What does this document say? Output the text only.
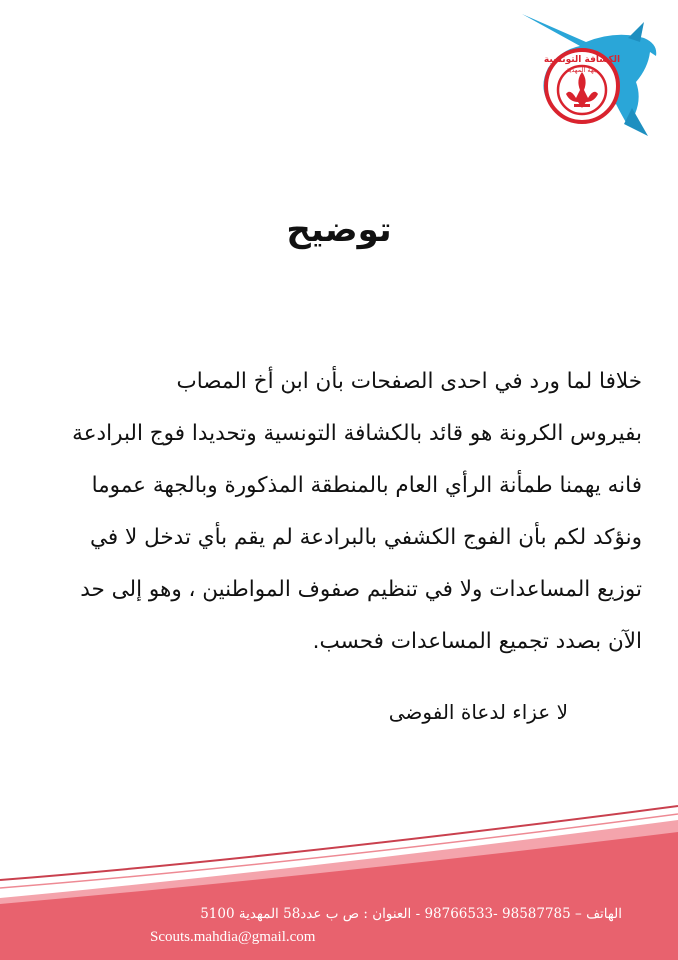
الكشافة التونسية
جهة المهدية
توضيح
خلافا لما ورد في احدى الصفحات بأن ابن أخ المصاب
بفيروس الكرونة هو قائد بالكشافة التونسية وتحديدا فوج البرادعة
فانه يهمنا طمأنة الرأي العام بالمنطقة المذكورة وبالجهة عموما
ونؤكد لكم بأن الفوج الكشفي بالبرادعة لم يقم بأي تدخل لا في
توزيع المساعدات ولا في تنظيم صفوف المواطنين ، وهو إلى حد
الآن بصدد تجميع المساعدات فحسب.
لا عزاء لدعاة الفوضى
الهاتف – 98587785 -98766533 - العنوان : ص ب عدد58 المهدية 5100
Scouts.mahdia@gmail.com
